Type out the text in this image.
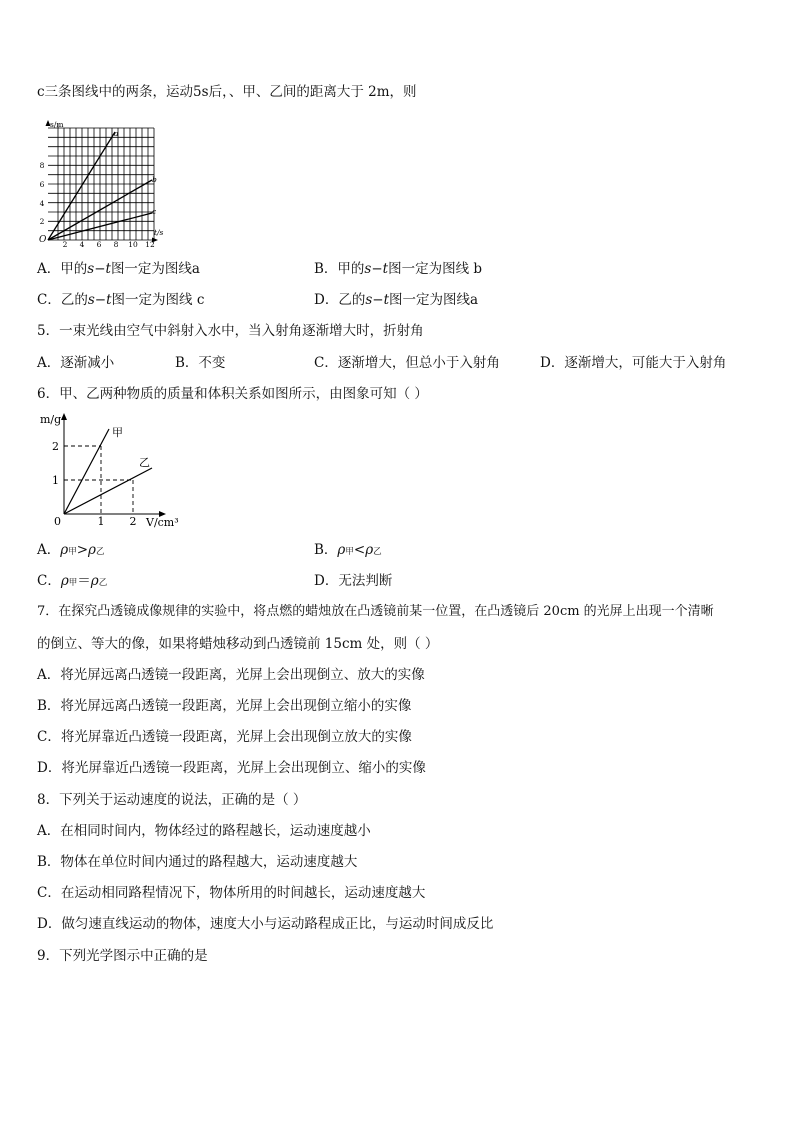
c三条图线中的两条，运动5s后，、甲、乙间的距离大于 2m，则
s/m
t/s
O
2
4
6
8
2 4 6 8 10 12
a
b
c
A．甲的s−t图一定为图线a	B．甲的s−t图一定为图线 b
C．乙的s−t图一定为图线 c	D．乙的s−t图一定为图线a
5．一束光线由空气中斜射入水中，当入射角逐渐增大时，折射角
A．逐渐减小	B．不变	C．逐渐增大，但总小于入射角	D．逐渐增大，可能大于入射角
6．甲、乙两种物质的质量和体积关系如图所示，由图象可知（ ）
m/g
V/cm³
0
1
2
1 2
甲
乙
A．ρ甲>ρ乙	B．ρ甲<ρ乙
C．ρ甲＝ρ乙	D．无法判断
7．在探究凸透镜成像规律的实验中，将点燃的蜡烛放在凸透镜前某一位置，在凸透镜后 20cm 的光屏上出现一个清晰
的倒立、等大的像，如果将蜡烛移动到凸透镜前 15cm 处，则（ ）
A．将光屏远离凸透镜一段距离，光屏上会出现倒立、放大的实像
B．将光屏远离凸透镜一段距离，光屏上会出现倒立缩小的实像
C．将光屏靠近凸透镜一段距离，光屏上会出现倒立放大的实像
D．将光屏靠近凸透镜一段距离，光屏上会出现倒立、缩小的实像
8．下列关于运动速度的说法，正确的是（ ）
A．在相同时间内，物体经过的路程越长，运动速度越小
B．物体在单位时间内通过的路程越大，运动速度越大
C．在运动相同路程情况下，物体所用的时间越长，运动速度越大
D．做匀速直线运动的物体，速度大小与运动路程成正比，与运动时间成反比
9．下列光学图示中正确的是
